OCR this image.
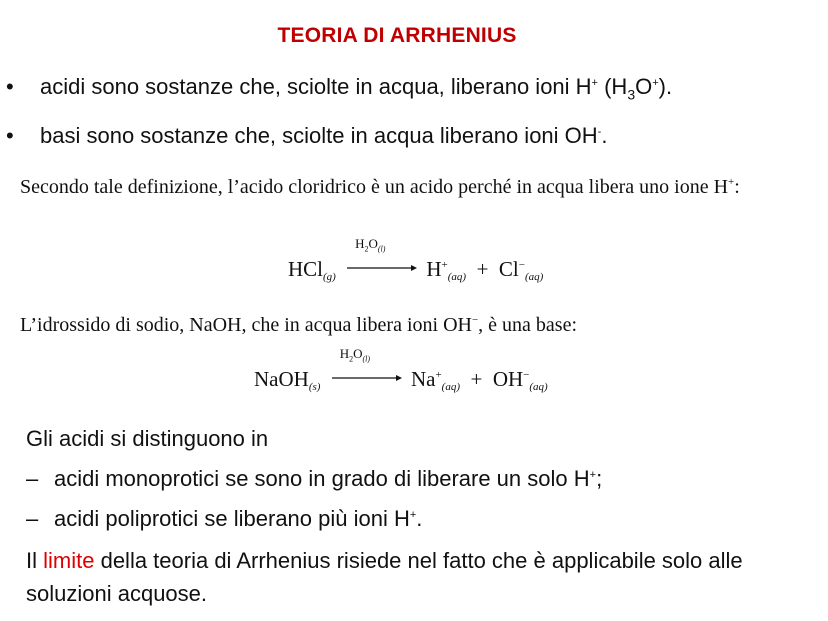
TEORIA DI ARRHENIUS
• acidi sono sostanze che, sciolte in acqua, liberano ioni H+ $(H_3O^+)$.
• basi sono sostanze che, sciolte in acqua liberano ioni OH-.
Secondo tale definizione, l’acido cloridrico è un acido perché in acqua libera uno ione H+:
HCl(g)
$H_2O_{(l)}$
H+(aq)  +  Cl−(aq)
L’idrossido di sodio, NaOH, che in acqua libera ioni OH−, è una base:
NaOH(s)
$H_2O_{(l)}$
Na+(aq)  +  OH−(aq)
Gli acidi si distinguono in
– acidi monoprotici se sono in grado di liberare un solo H+;
– acidi poliprotici se liberano più ioni H+.
Il limite della teoria di Arrhenius risiede nel fatto che è applicabile solo alle soluzioni acquose.
